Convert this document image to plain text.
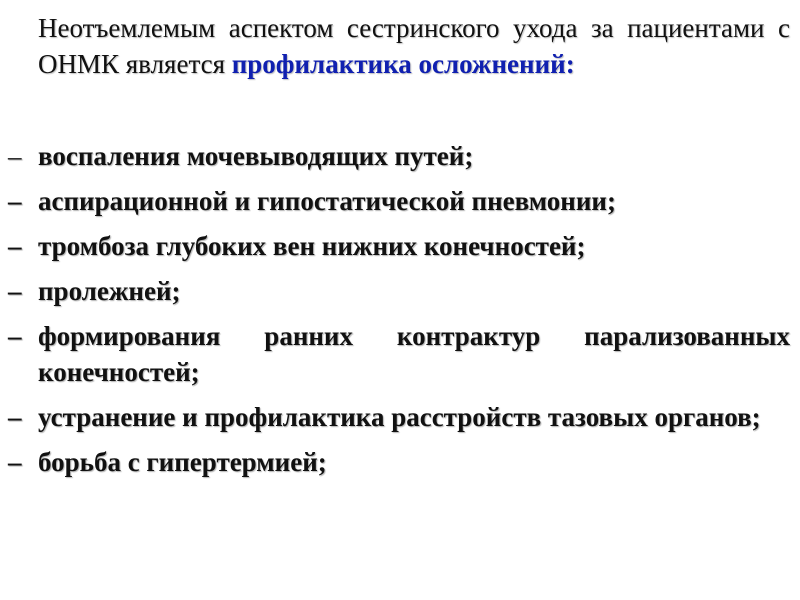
Неотъемлемым аспектом сестринского ухода за пациентами с ОНМК является профилактика осложнений:

– воспаления мочевыводящих путей;
– аспирационной и гипостатической пневмонии;
– тромбоза глубоких вен нижних конечностей;
– пролежней;
– формирования ранних контрактур парализованных конечностей;
– устранение и профилактика расстройств тазовых органов;
– борьба с гипертермией;
